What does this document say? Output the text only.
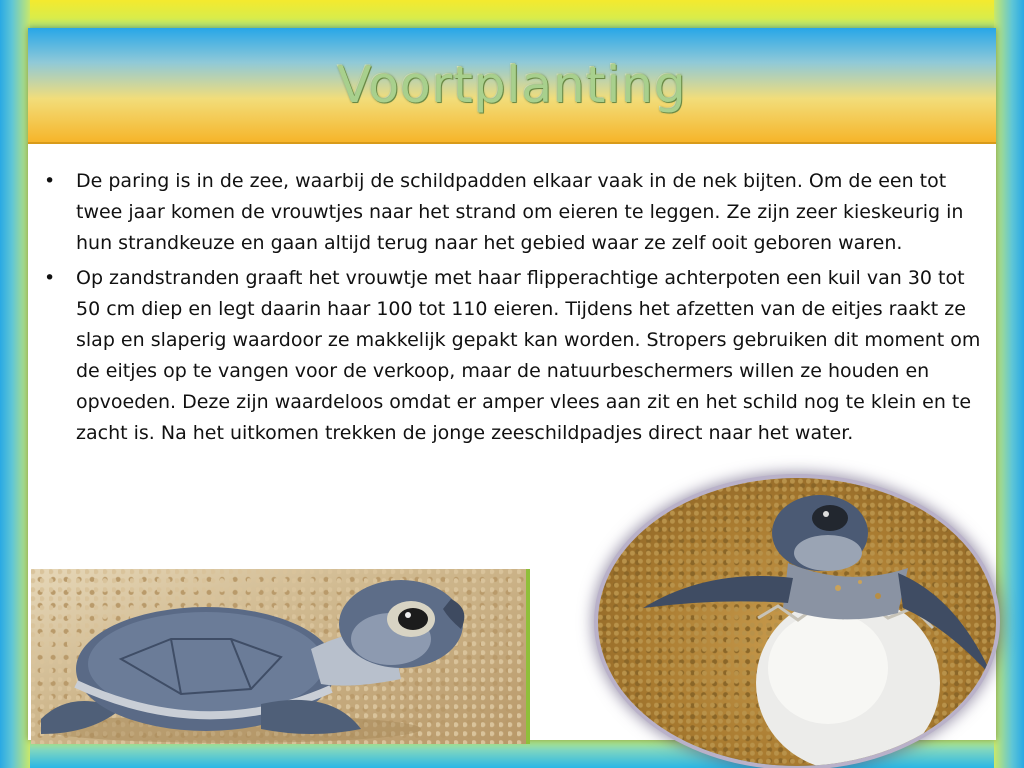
Voortplanting
• De paring is in de zee, waarbij de schildpadden elkaar vaak in de nek bijten. Om de een tot twee jaar komen de vrouwtjes naar het strand om eieren te leggen. Ze zijn zeer kieskeurig in hun strandkeuze en gaan altijd terug naar het gebied waar ze zelf ooit geboren waren.
• Op zandstranden graaft het vrouwtje met haar flipperachtige achterpoten een kuil van 30 tot 50 cm diep en legt daarin haar 100 tot 110 eieren. Tijdens het afzetten van de eitjes raakt ze slap en slaperig waardoor ze makkelijk gepakt kan worden. Stropers gebruiken dit moment om de eitjes op te vangen voor de verkoop, maar de natuurbeschermers willen ze houden en opvoeden. Deze zijn waardeloos omdat er amper vlees aan zit en het schild nog te klein en te zacht is. Na het uitkomen trekken de jonge zeeschildpadjes direct naar het water.
